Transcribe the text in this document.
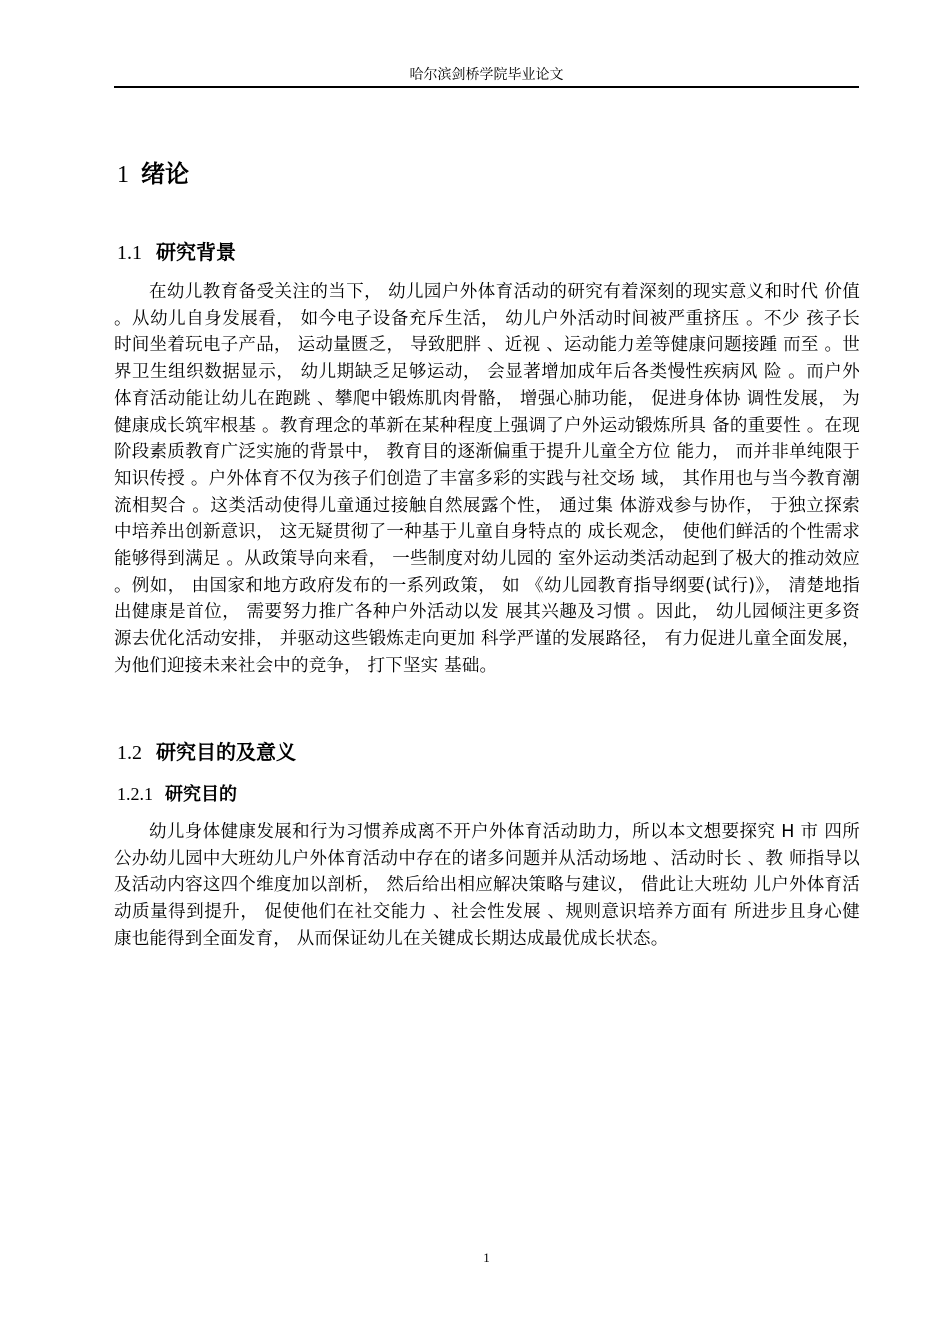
哈尔滨剑桥学院毕业论文
1 绪论
1.1 研究背景

在幼儿教育备受关注的当下， 幼儿园户外体育活动的研究有着深刻的现实意义和时代 价值 。从幼儿自身发展看， 如今电子设备充斥生活， 幼儿户外活动时间被严重挤压 。不少 孩子长时间坐着玩电子产品， 运动量匮乏， 导致肥胖 、近视 、运动能力差等健康问题接踵 而至 。世界卫生组织数据显示， 幼儿期缺乏足够运动， 会显著增加成年后各类慢性疾病风 险 。而户外体育活动能让幼儿在跑跳 、攀爬中锻炼肌肉骨骼， 增强心肺功能， 促进身体协 调性发展， 为健康成长筑牢根基 。教育理念的革新在某种程度上强调了户外运动锻炼所具 备的重要性 。在现阶段素质教育广泛实施的背景中， 教育目的逐渐偏重于提升儿童全方位 能力， 而并非单纯限于知识传授 。户外体育不仅为孩子们创造了丰富多彩的实践与社交场 域， 其作用也与当今教育潮流相契合 。这类活动使得儿童通过接触自然展露个性， 通过集 体游戏参与协作， 于独立探索中培养出创新意识， 这无疑贯彻了一种基于儿童自身特点的 成长观念， 使他们鲜活的个性需求能够得到满足 。从政策导向来看， 一些制度对幼儿园的 室外运动类活动起到了极大的推动效应 。例如， 由国家和地方政府发布的一系列政策， 如 《幼儿园教育指导纲要(试行)》， 清楚地指出健康是首位， 需要努力推广各种户外活动以发 展其兴趣及习惯 。因此， 幼儿园倾注更多资源去优化活动安排， 并驱动这些锻炼走向更加 科学严谨的发展路径， 有力促进儿童全面发展， 为他们迎接未来社会中的竞争， 打下坚实 基础。

1.2 研究目的及意义
1.2.1 研究目的

幼儿身体健康发展和行为习惯养成离不开户外体育活动助力，所以本文想要探究 H 市 四所公办幼儿园中大班幼儿户外体育活动中存在的诸多问题并从活动场地 、活动时长 、教 师指导以及活动内容这四个维度加以剖析， 然后给出相应解决策略与建议， 借此让大班幼 儿户外体育活动质量得到提升， 促使他们在社交能力 、社会性发展 、规则意识培养方面有 所进步且身心健康也能得到全面发育， 从而保证幼儿在关键成长期达成最优成长状态。

1
